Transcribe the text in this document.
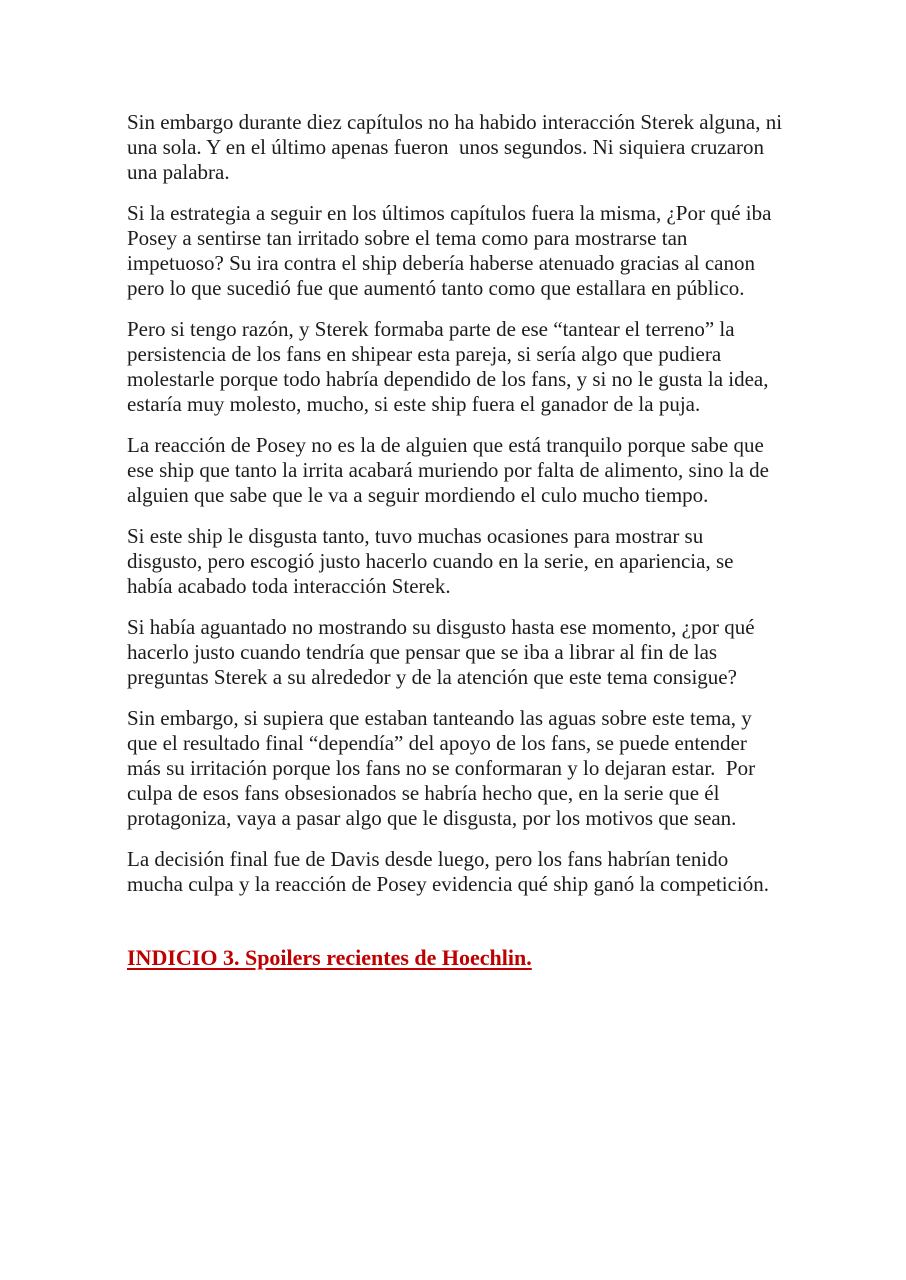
Sin embargo durante diez capítulos no ha habido interacción Sterek alguna, ni una sola. Y en el último apenas fueron  unos segundos. Ni siquiera cruzaron una palabra.

Si la estrategia a seguir en los últimos capítulos fuera la misma, ¿Por qué iba Posey a sentirse tan irritado sobre el tema como para mostrarse tan impetuoso? Su ira contra el ship debería haberse atenuado gracias al canon pero lo que sucedió fue que aumentó tanto como que estallara en público.

Pero si tengo razón, y Sterek formaba parte de ese “tantear el terreno” la persistencia de los fans en shipear esta pareja, si sería algo que pudiera molestarle porque todo habría dependido de los fans, y si no le gusta la idea, estaría muy molesto, mucho, si este ship fuera el ganador de la puja.

La reacción de Posey no es la de alguien que está tranquilo porque sabe que ese ship que tanto la irrita acabará muriendo por falta de alimento, sino la de alguien que sabe que le va a seguir mordiendo el culo mucho tiempo.

Si este ship le disgusta tanto, tuvo muchas ocasiones para mostrar su disgusto, pero escogió justo hacerlo cuando en la serie, en apariencia, se había acabado toda interacción Sterek.

Si había aguantado no mostrando su disgusto hasta ese momento, ¿por qué hacerlo justo cuando tendría que pensar que se iba a librar al fin de las preguntas Sterek a su alrededor y de la atención que este tema consigue?

Sin embargo, si supiera que estaban tanteando las aguas sobre este tema, y que el resultado final “dependía” del apoyo de los fans, se puede entender más su irritación porque los fans no se conformaran y lo dejaran estar.  Por culpa de esos fans obsesionados se habría hecho que, en la serie que él protagoniza, vaya a pasar algo que le disgusta, por los motivos que sean.

La decisión final fue de Davis desde luego, pero los fans habrían tenido mucha culpa y la reacción de Posey evidencia qué ship ganó la competición.

INDICIO 3. Spoilers recientes de Hoechlin.
